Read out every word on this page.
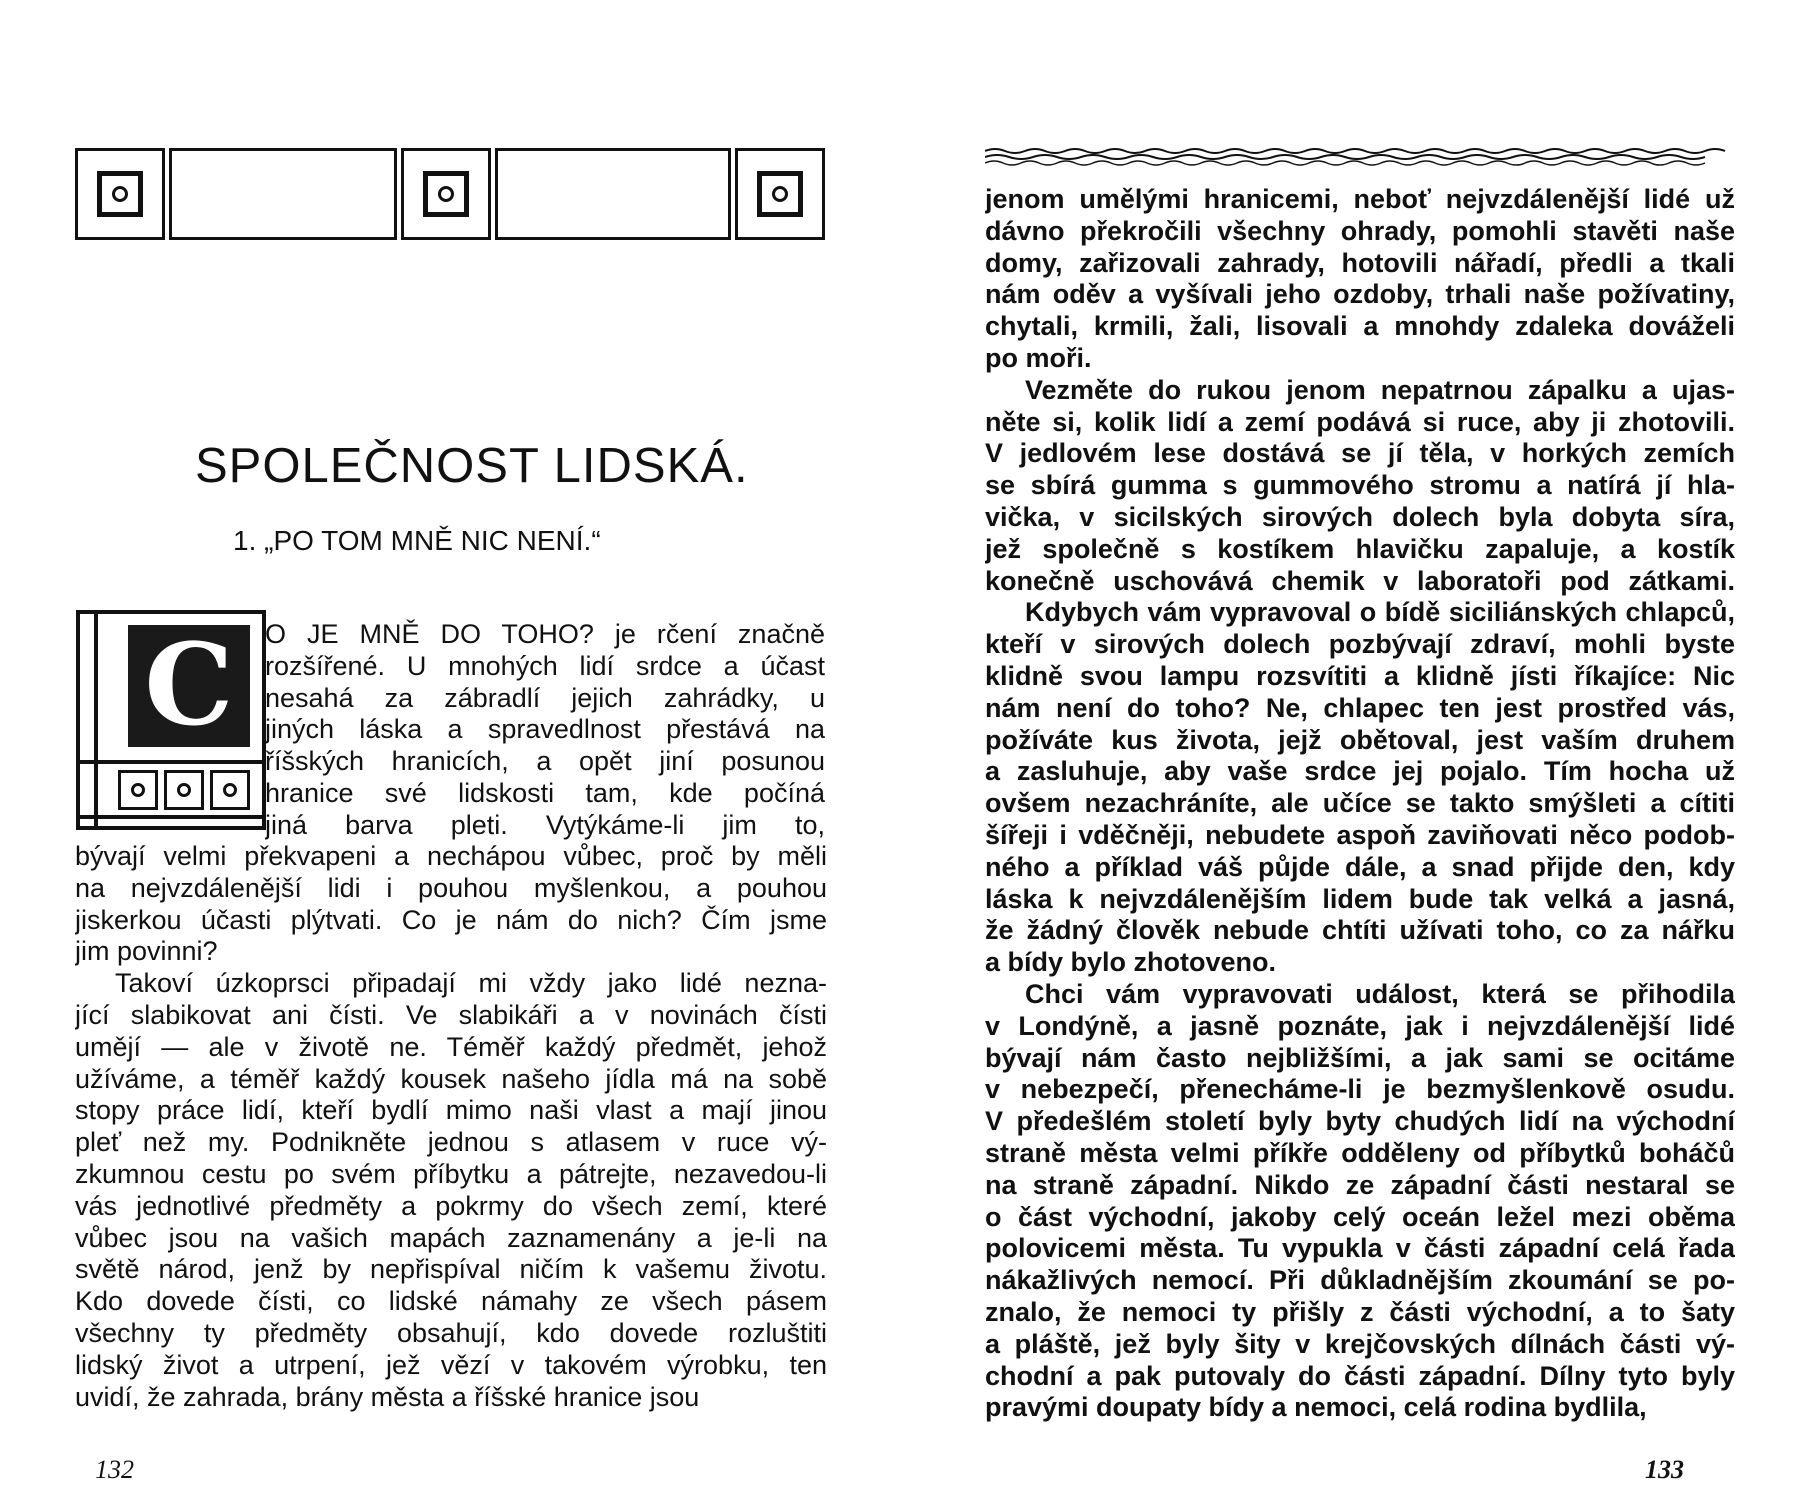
SPOLEČNOST LIDSKÁ.
1. „PO TOM MNĚ NIC NENÍ.“
C	O JE MNĚ DO TOHO? je rčení značně
rozšířené. U mnohých lidí srdce a účast
nesahá za zábradlí jejich zahrádky, u
jiných láska a spravedlnost přestává na
říšských hranicích, a opět jiní posunou
hranice své lidskosti tam, kde počíná
jiná barva pleti. Vytýkáme-li jim to,
bývají velmi překvapeni a nechápou vůbec, proč by měli
na nejvzdálenější lidi i pouhou myšlenkou, a pouhou
jiskerkou účasti plýtvati. Co je nám do nich? Čím jsme
jim povinni?
Takoví úzkoprsci připadají mi vždy jako lidé nezna-
jící slabikovat ani čísti. Ve slabikáři a v novinách čísti
umějí — ale v životě ne. Téměř každý předmět, jehož
užíváme, a téměř každý kousek našeho jídla má na sobě
stopy práce lidí, kteří bydlí mimo naši vlast a mají jinou
pleť než my. Podnikněte jednou s atlasem v ruce vý-
zkumnou cestu po svém příbytku a pátrejte, nezavedou-li
vás jednotlivé předměty a pokrmy do všech zemí, které
vůbec jsou na vašich mapách zaznamenány a je-li na
světě národ, jenž by nepřispíval ničím k vašemu životu.
Kdo dovede čísti, co lidské námahy ze všech pásem
všechny ty předměty obsahují, kdo dovede rozluštiti
lidský život a utrpení, jež vězí v takovém výrobku, ten
uvidí, že zahrada, brány města a říšské hranice jsou
132
jenom umělými hranicemi, neboť nejvzdálenější lidé už
dávno překročili všechny ohrady, pomohli stavěti naše
domy, zařizovali zahrady, hotovili nářadí, předli a tkali
nám oděv a vyšívali jeho ozdoby, trhali naše požívatiny,
chytali, krmili, žali, lisovali a mnohdy zdaleka dováželi
po moři.
Vezměte do rukou jenom nepatrnou zápalku a ujas-
něte si, kolik lidí a zemí podává si ruce, aby ji zhotovili.
V jedlovém lese dostává se jí těla, v horkých zemích
se sbírá gumma s gummového stromu a natírá jí hla-
vička, v sicilských sirových dolech byla dobyta síra,
jež společně s kostíkem hlavičku zapaluje, a kostík
konečně uschovává chemik v laboratoři pod zátkami.
Kdybych vám vypravoval o bídě siciliánských chlapců,
kteří v sirových dolech pozbývají zdraví, mohli byste
klidně svou lampu rozsvítiti a klidně jísti říkajíce: Nic
nám není do toho? Ne, chlapec ten jest prostřed vás,
požíváte kus života, jejž obětoval, jest vaším druhem
a zasluhuje, aby vaše srdce jej pojalo. Tím hocha už
ovšem nezachráníte, ale učíce se takto smýšleti a cítiti
šířeji i vděčněji, nebudete aspoň zaviňovati něco podob-
ného a příklad váš půjde dále, a snad přijde den, kdy
láska k nejvzdálenějším lidem bude tak velká a jasná,
že žádný člověk nebude chtíti užívati toho, co za nářku
a bídy bylo zhotoveno.
Chci vám vypravovati událost, která se přihodila
v Londýně, a jasně poznáte, jak i nejvzdálenější lidé
bývají nám často nejbližšími, a jak sami se ocitáme
v nebezpečí, přenecháme-li je bezmyšlenkově osudu.
V předešlém století byly byty chudých lidí na východní
straně města velmi příkře odděleny od příbytků boháčů
na straně západní. Nikdo ze západní části nestaral se
o část východní, jakoby celý oceán ležel mezi oběma
polovicemi města. Tu vypukla v části západní celá řada
nákažlivých nemocí. Při důkladnějším zkoumání se po-
znalo, že nemoci ty přišly z části východní, a to šaty
a pláště, jež byly šity v krejčovských dílnách části vý-
chodní a pak putovaly do části západní. Dílny tyto byly
pravými doupaty bídy a nemoci, celá rodina bydlila,
133
